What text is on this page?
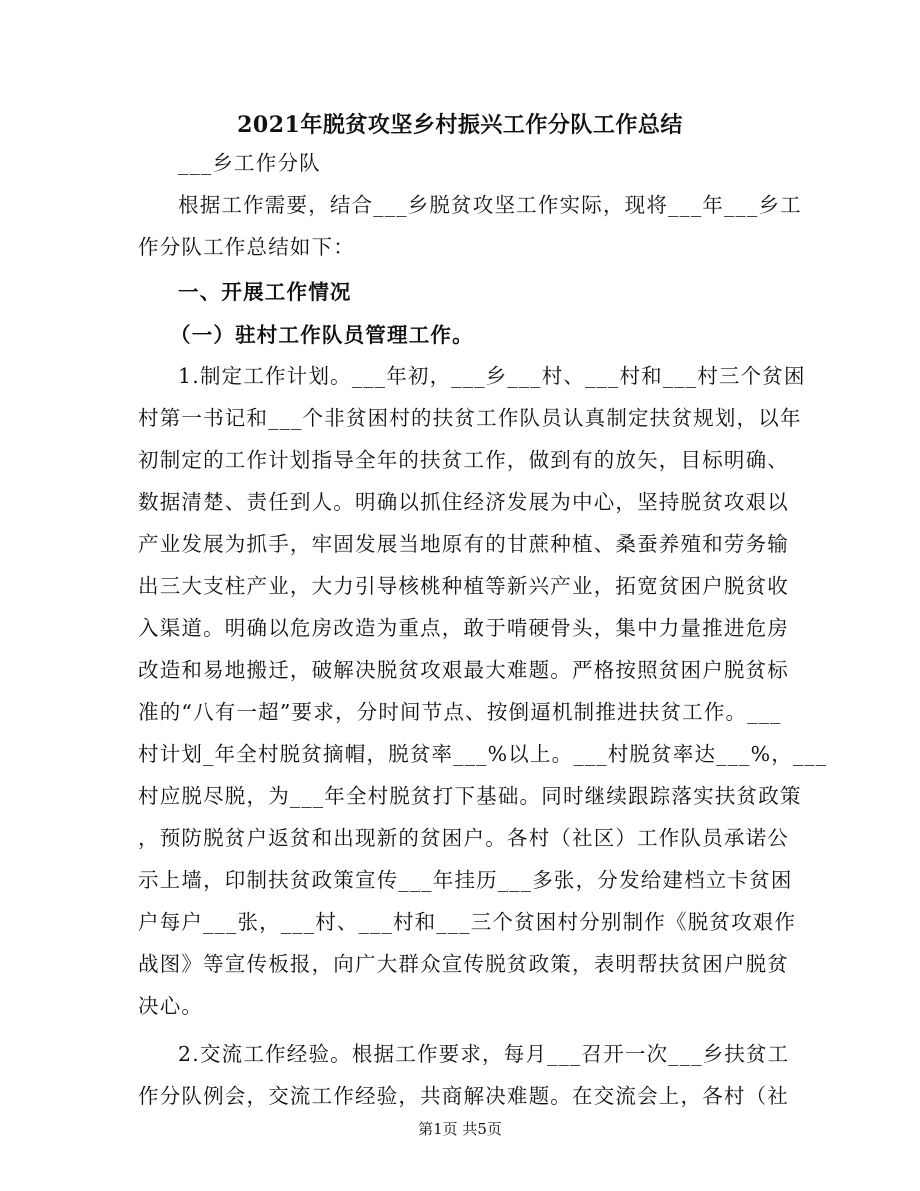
2021年脱贫攻坚乡村振兴工作分队工作总结
___乡工作分队
根据工作需要，结合___乡脱贫攻坚工作实际，现将___年___乡工
作分队工作总结如下：
一、开展工作情况
（一）驻村工作队员管理工作。
1.制定工作计划。___年初，___乡___村、___村和___村三个贫困
村第一书记和___个非贫困村的扶贫工作队员认真制定扶贫规划，以年
初制定的工作计划指导全年的扶贫工作，做到有的放矢，目标明确、
数据清楚、责任到人。明确以抓住经济发展为中心，坚持脱贫攻艰以
产业发展为抓手，牢固发展当地原有的甘蔗种植、桑蚕养殖和劳务输
出三大支柱产业，大力引导核桃种植等新兴产业，拓宽贫困户脱贫收
入渠道。明确以危房改造为重点，敢于啃硬骨头，集中力量推进危房
改造和易地搬迁，破解决脱贫攻艰最大难题。严格按照贫困户脱贫标
准的“八有一超”要求，分时间节点、按倒逼机制推进扶贫工作。___
村计划_年全村脱贫摘帽，脱贫率___%以上。___村脱贫率达___%，___
村应脱尽脱，为___年全村脱贫打下基础。同时继续跟踪落实扶贫政策
，预防脱贫户返贫和出现新的贫困户。各村（社区）工作队员承诺公
示上墙，印制扶贫政策宣传___年挂历___多张，分发给建档立卡贫困
户每户___张，___村、___村和___三个贫困村分别制作《脱贫攻艰作
战图》等宣传板报，向广大群众宣传脱贫政策，表明帮扶贫困户脱贫
决心。
2.交流工作经验。根据工作要求，每月___召开一次___乡扶贫工
作分队例会，交流工作经验，共商解决难题。在交流会上，各村（社
第1页 共5页
